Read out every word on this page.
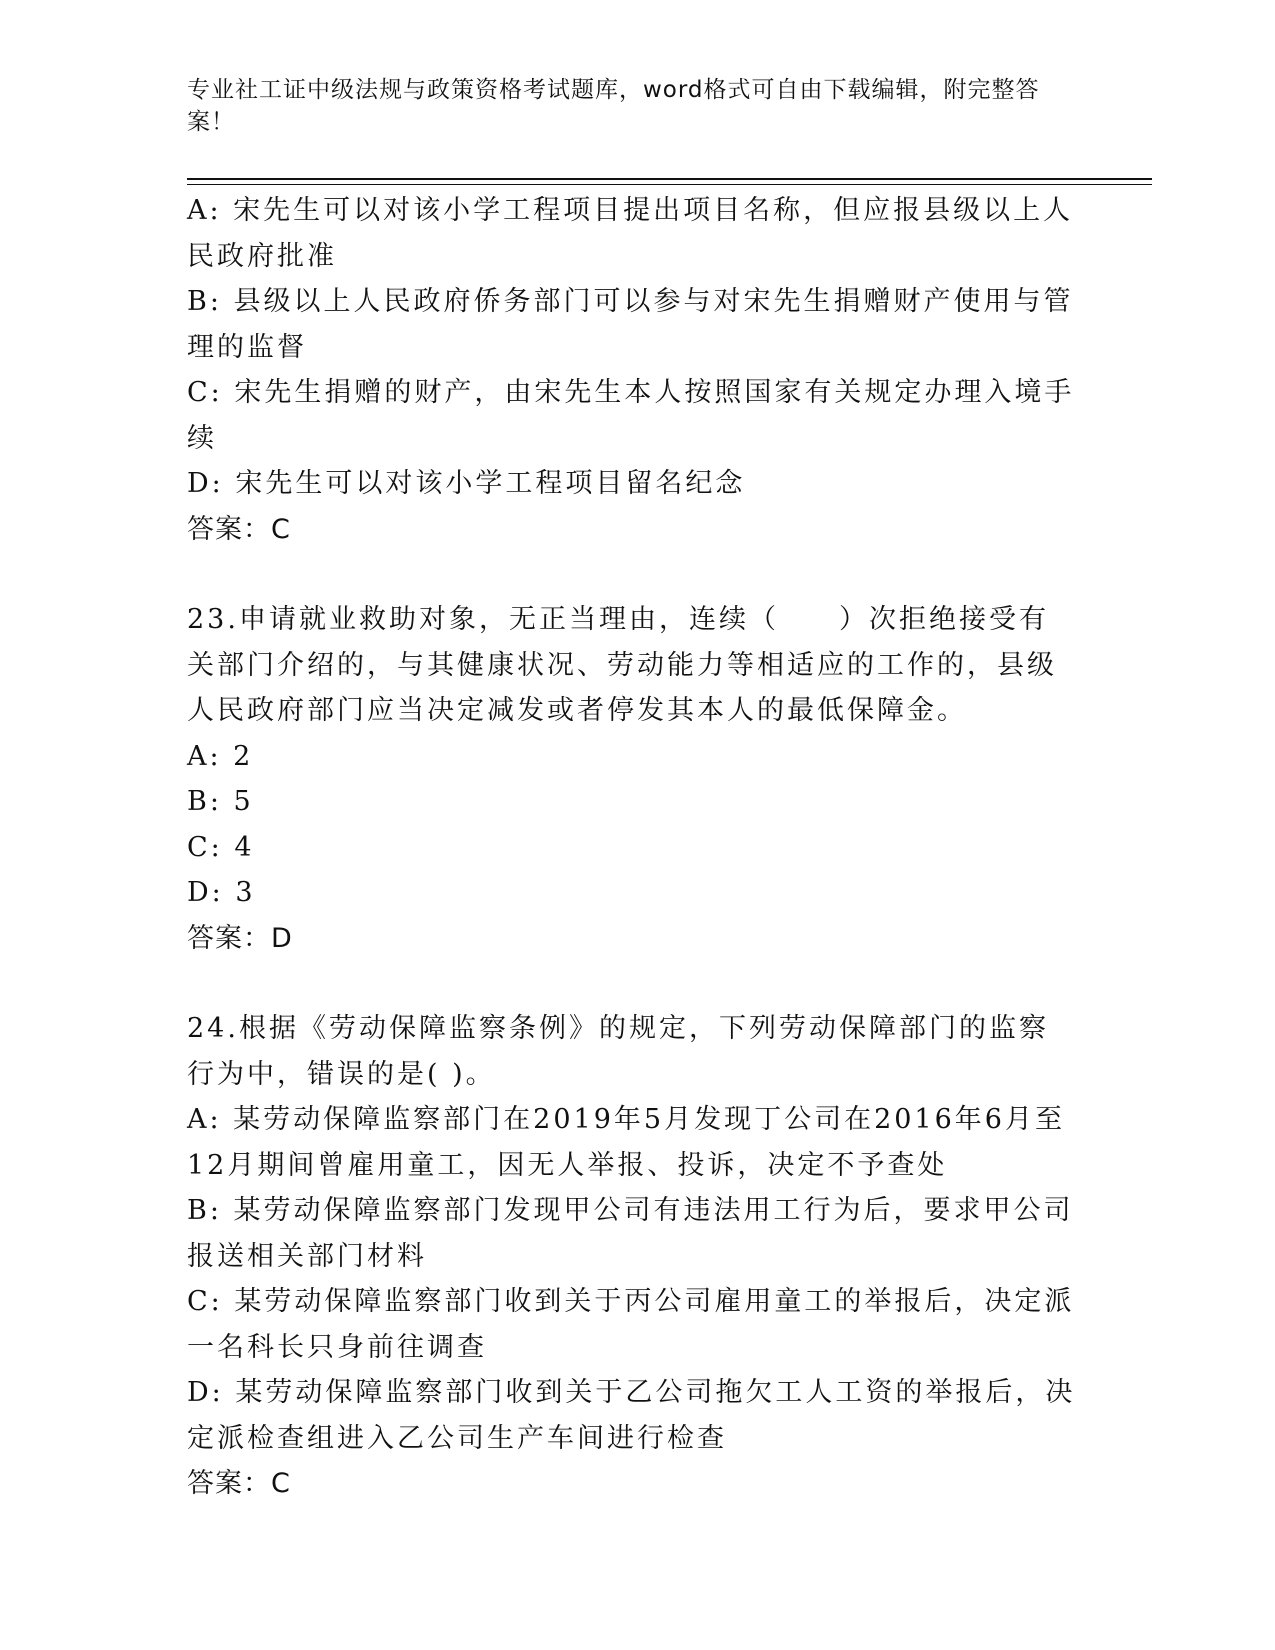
专业社工证中级法规与政策资格考试题库，word格式可自由下载编辑，附完整答案！
A: 宋先生可以对该小学工程项目提出项目名称，但应报县级以上人民政府批准
B: 县级以上人民政府侨务部门可以参与对宋先生捐赠财产使用与管理的监督
C: 宋先生捐赠的财产，由宋先生本人按照国家有关规定办理入境手续
D: 宋先生可以对该小学工程项目留名纪念
答案：C
23.申请就业救助对象，无正当理由，连续（　　）次拒绝接受有关部门介绍的，与其健康状况、劳动能力等相适应的工作的，县级人民政府部门应当决定减发或者停发其本人的最低保障金。
A: 2
B: 5
C: 4
D: 3
答案：D
24.根据《劳动保障监察条例》的规定，下列劳动保障部门的监察行为中，错误的是( )。
A: 某劳动保障监察部门在2019年5月发现丁公司在2016年6月至12月期间曾雇用童工，因无人举报、投诉，决定不予查处
B: 某劳动保障监察部门发现甲公司有违法用工行为后，要求甲公司报送相关部门材料
C: 某劳动保障监察部门收到关于丙公司雇用童工的举报后，决定派一名科长只身前往调查
D: 某劳动保障监察部门收到关于乙公司拖欠工人工资的举报后，决定派检查组进入乙公司生产车间进行检查
答案：C
